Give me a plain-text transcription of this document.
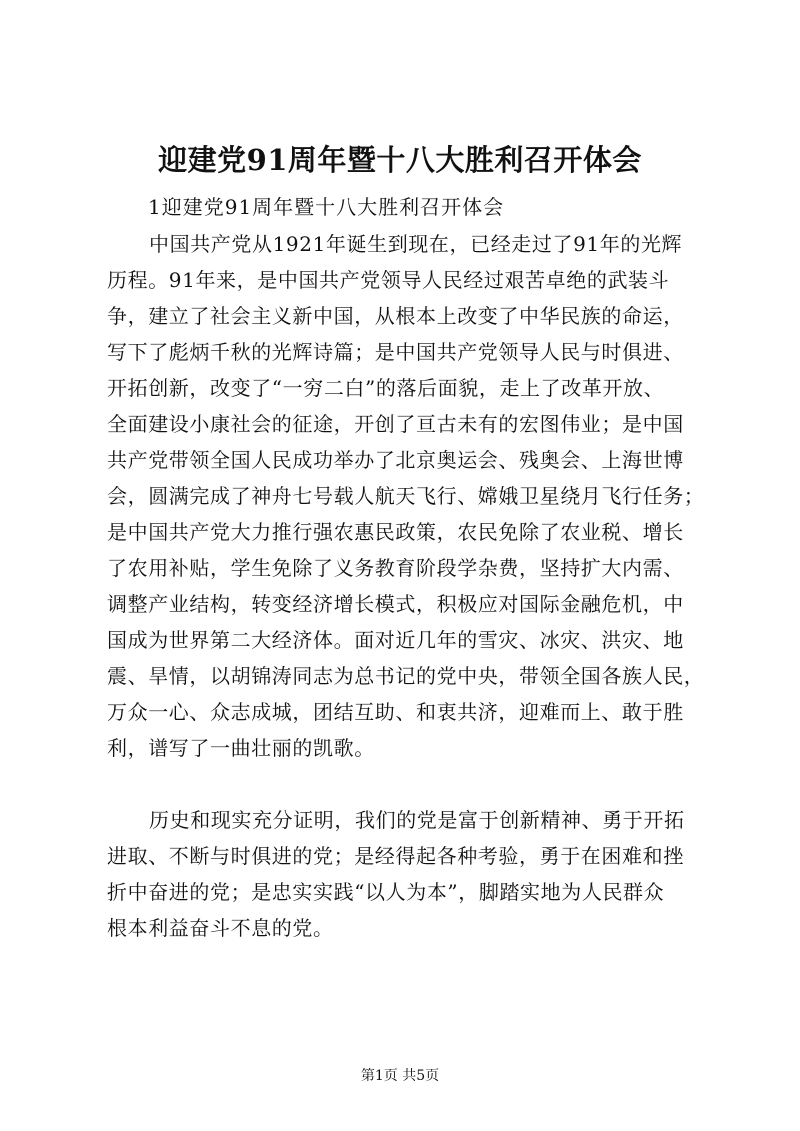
迎建党91周年暨十八大胜利召开体会
1迎建党91周年暨十八大胜利召开体会
中国共产党从1921年诞生到现在，已经走过了91年的光辉
历程。91年来，是中国共产党领导人民经过艰苦卓绝的武装斗
争，建立了社会主义新中国，从根本上改变了中华民族的命运，
写下了彪炳千秋的光辉诗篇；是中国共产党领导人民与时俱进、
开拓创新，改变了“一穷二白”的落后面貌，走上了改革开放、
全面建设小康社会的征途，开创了亘古未有的宏图伟业；是中国
共产党带领全国人民成功举办了北京奥运会、残奥会、上海世博
会，圆满完成了神舟七号载人航天飞行、嫦娥卫星绕月飞行任务；
是中国共产党大力推行强农惠民政策，农民免除了农业税、增长
了农用补贴，学生免除了义务教育阶段学杂费，坚持扩大内需、
调整产业结构，转变经济增长模式，积极应对国际金融危机，中
国成为世界第二大经济体。面对近几年的雪灾、冰灾、洪灾、地
震、旱情，以胡锦涛同志为总书记的党中央，带领全国各族人民，
万众一心、众志成城，团结互助、和衷共济，迎难而上、敢于胜
利，谱写了一曲壮丽的凯歌。
历史和现实充分证明，我们的党是富于创新精神、勇于开拓
进取、不断与时俱进的党；是经得起各种考验，勇于在困难和挫
折中奋进的党；是忠实实践“以人为本”，脚踏实地为人民群众
根本利益奋斗不息的党。
第1页 共5页
